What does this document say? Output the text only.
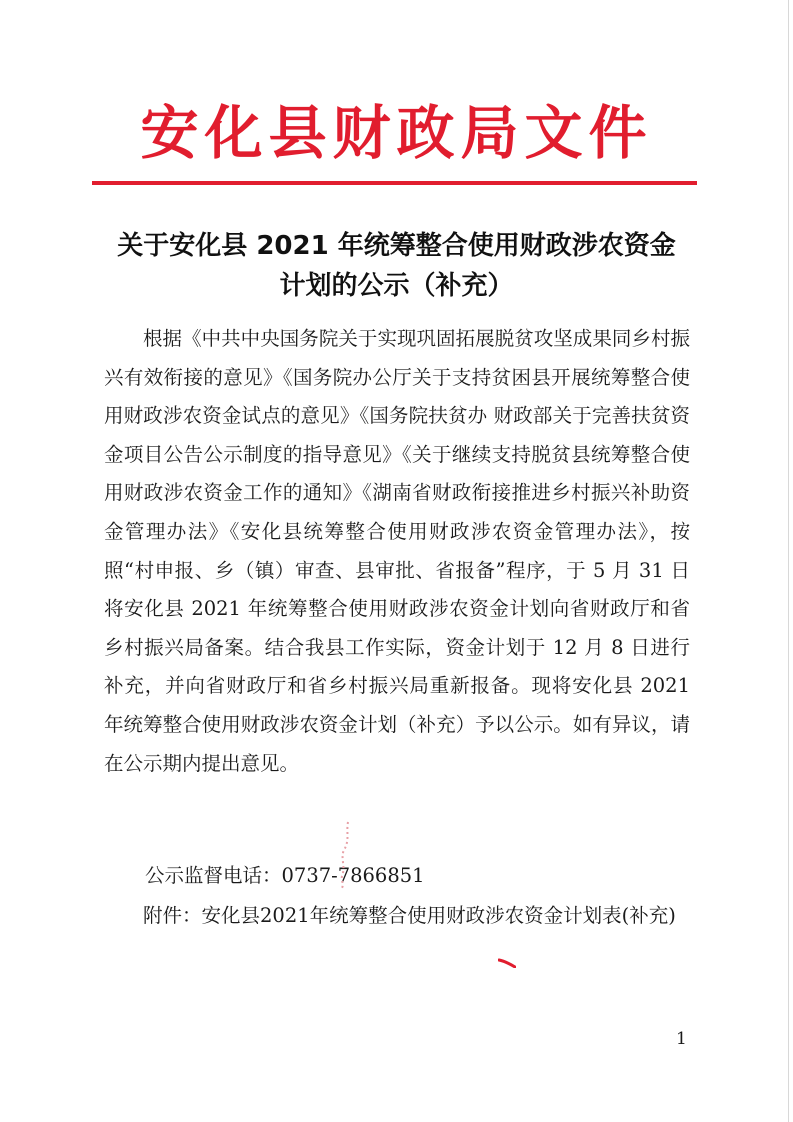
安化县财政局文件
关于安化县 2021 年统筹整合使用财政涉农资金
计划的公示（补充）

根据《中共中央国务院关于实现巩固拓展脱贫攻坚成果同乡村振兴有效衔接的意见》《国务院办公厅关于支持贫困县开展统筹整合使用财政涉农资金试点的意见》《国务院扶贫办 财政部关于完善扶贫资金项目公告公示制度的指导意见》《关于继续支持脱贫县统筹整合使用财政涉农资金工作的通知》《湖南省财政衔接推进乡村振兴补助资金管理办法》《安化县统筹整合使用财政涉农资金管理办法》，按照“村申报、乡（镇）审查、县审批、省报备”程序，于 5 月 31 日将安化县 2021 年统筹整合使用财政涉农资金计划向省财政厅和省乡村振兴局备案。结合我县工作实际，资金计划于 12 月 8 日进行补充，并向省财政厅和省乡村振兴局重新报备。现将安化县 2021 年统筹整合使用财政涉农资金计划（补充）予以公示。如有异议，请在公示期内提出意见。

公示监督电话：0737-7866851
附件：安化县2021年统筹整合使用财政涉农资金计划表(补充)
1
